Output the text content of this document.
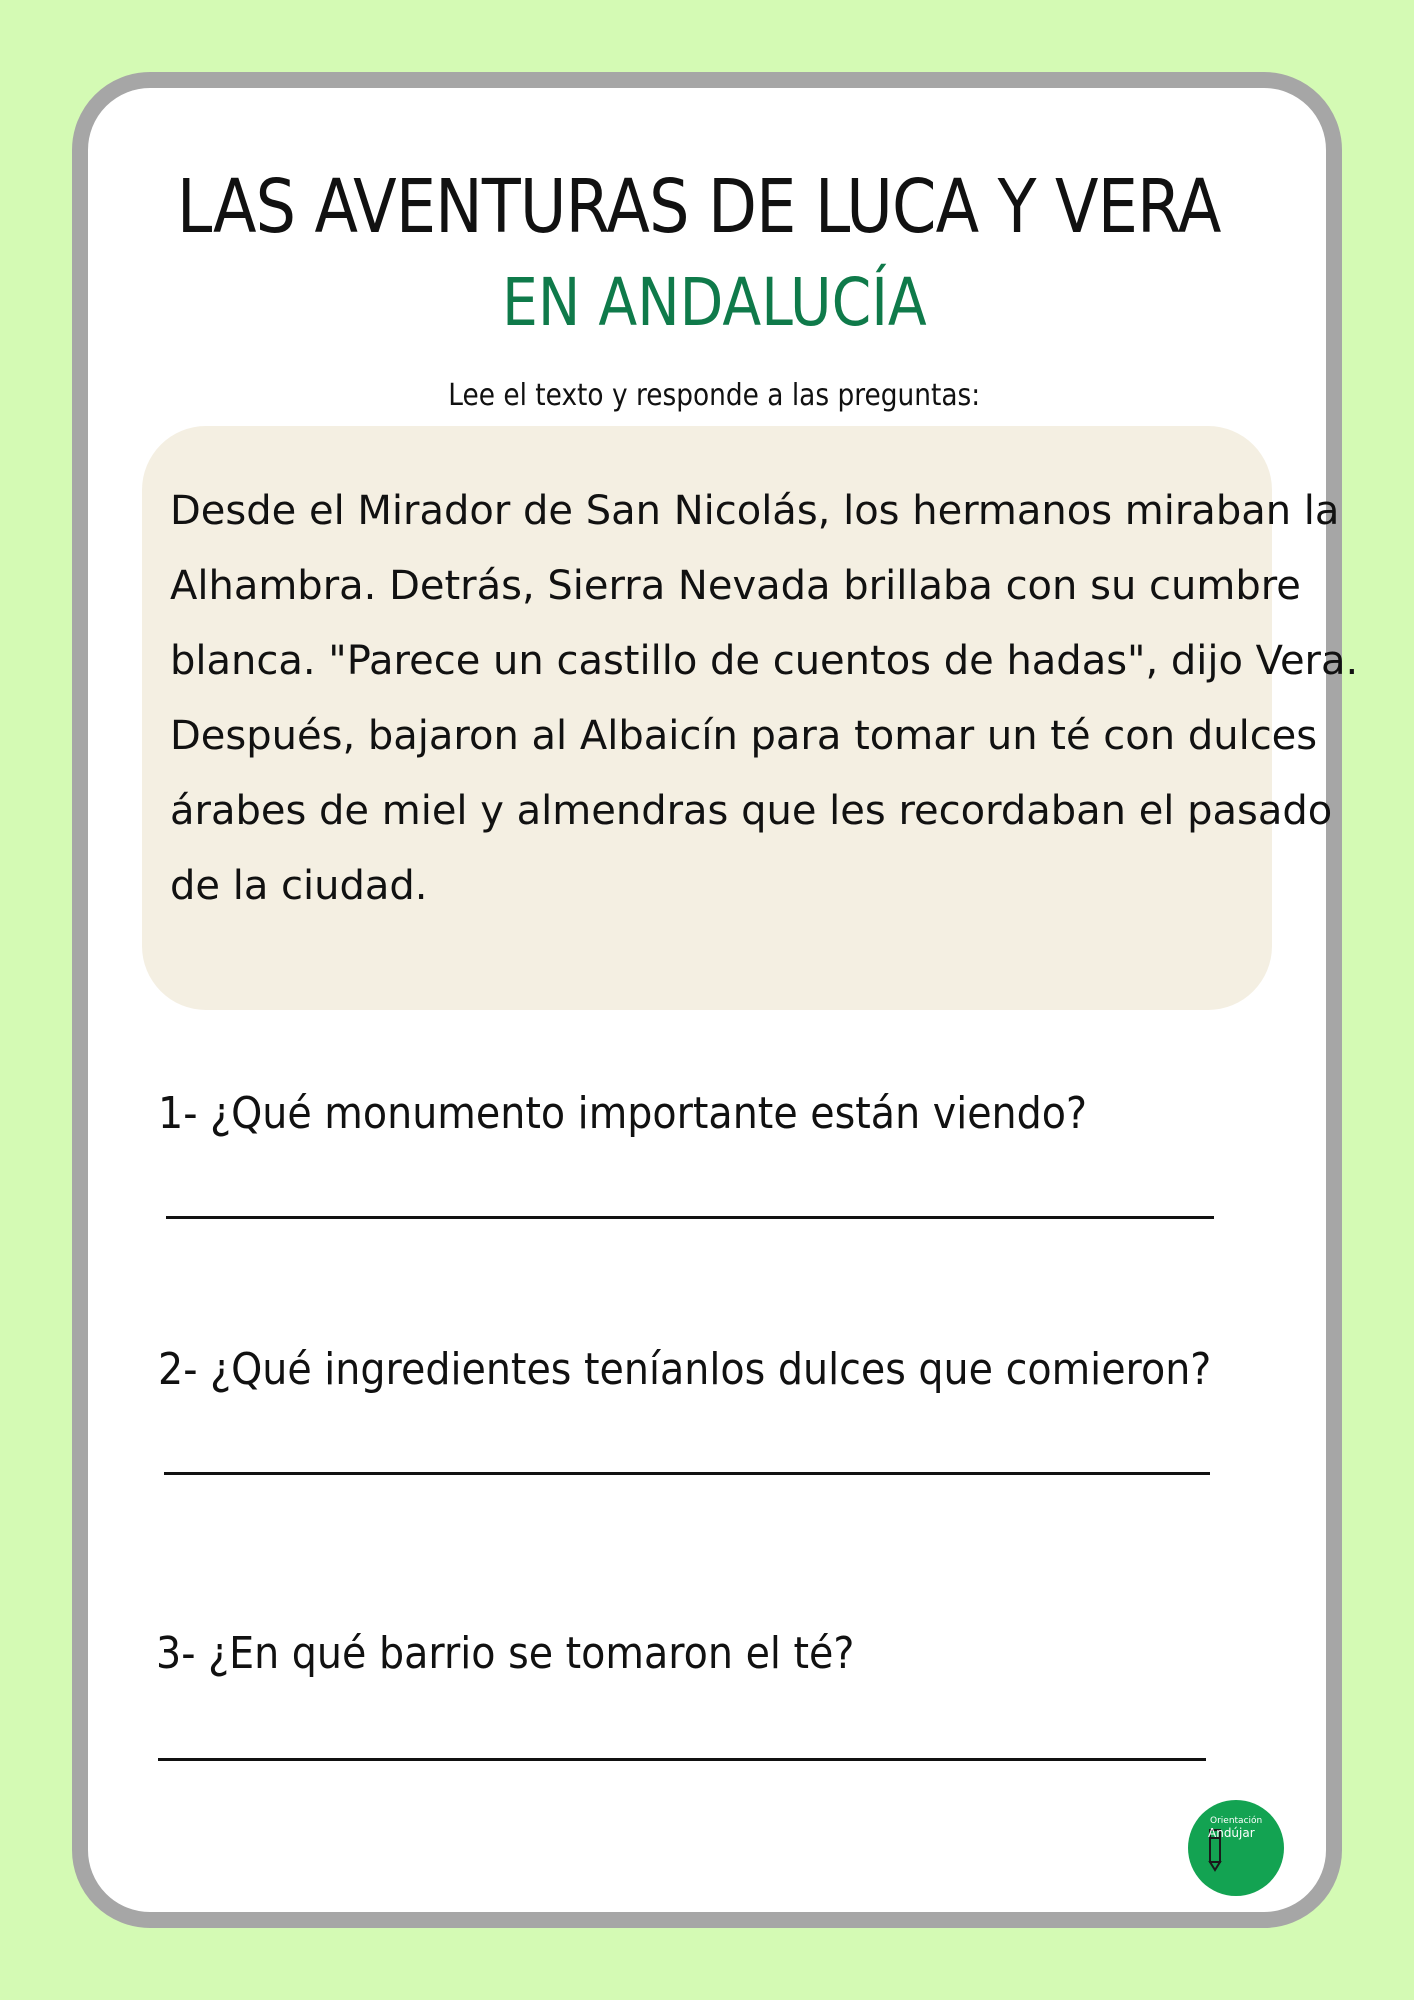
LAS AVENTURAS DE LUCA Y VERA
EN ANDALUCÍA
Lee el texto y responde a las preguntas:
Desde el Mirador de San Nicolás, los hermanos miraban la
Alhambra. Detrás, Sierra Nevada brillaba con su cumbre
blanca. "Parece un castillo de cuentos de hadas", dijo Vera.
Después, bajaron al Albaicín para tomar un té con dulces
árabes de miel y almendras que les recordaban el pasado
de la ciudad.
1- ¿Qué monumento importante están viendo?
2- ¿Qué ingredientes teníanlos dulces que comieron?
3- ¿En qué barrio se tomaron el té?
Orientación
Andújar
